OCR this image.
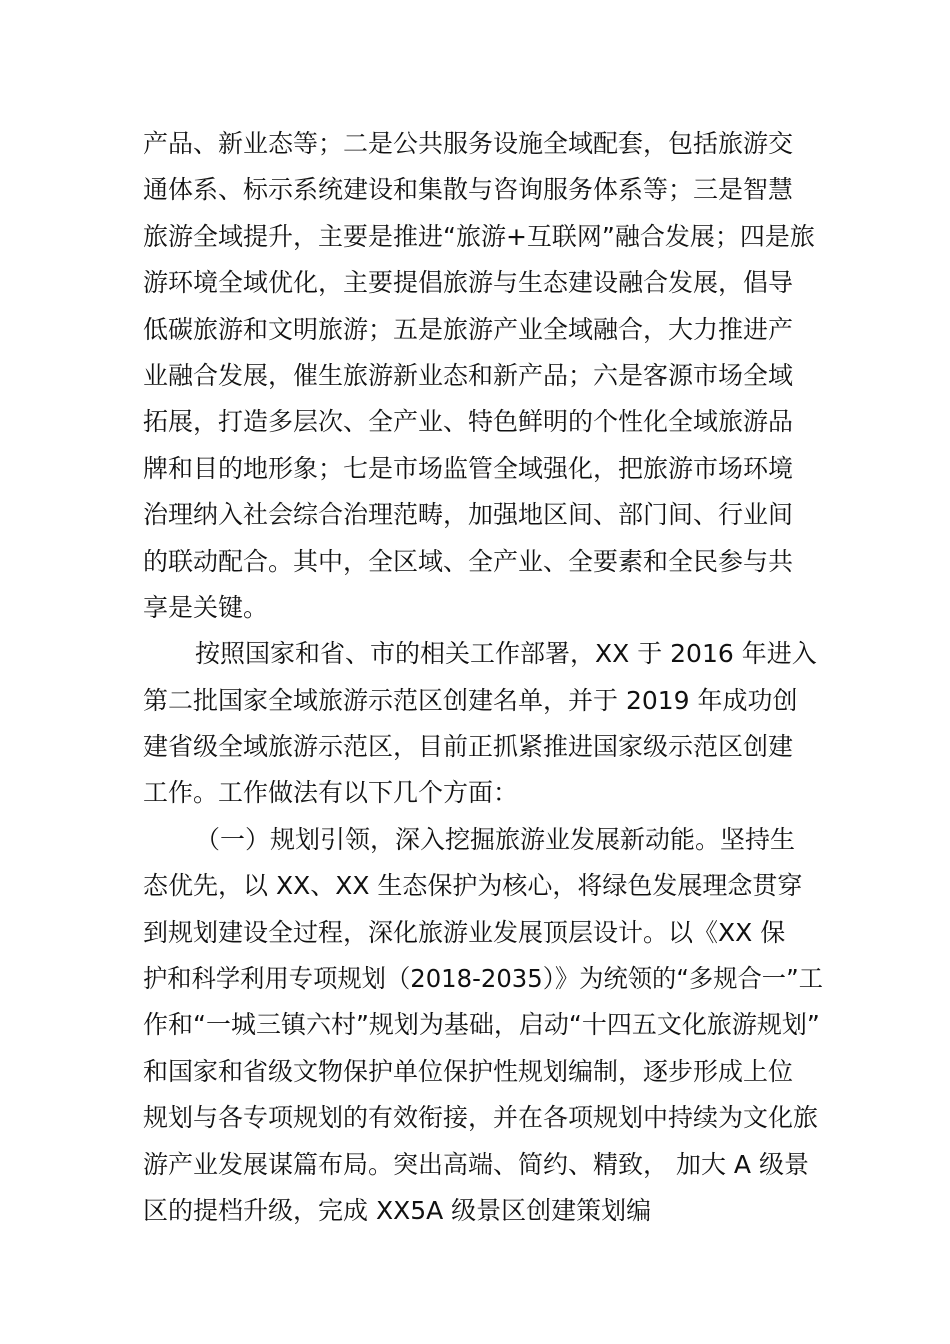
产品、新业态等；二是公共服务设施全域配套，包括旅游交
通体系、标示系统建设和集散与咨询服务体系等；三是智慧
旅游全域提升，主要是推进“旅游+互联网”融合发展；四是旅
游环境全域优化，主要提倡旅游与生态建设融合发展，倡导
低碳旅游和文明旅游；五是旅游产业全域融合，大力推进产
业融合发展，催生旅游新业态和新产品；六是客源市场全域
拓展，打造多层次、全产业、特色鲜明的个性化全域旅游品
牌和目的地形象；七是市场监管全域强化，把旅游市场环境
治理纳入社会综合治理范畴，加强地区间、部门间、行业间
的联动配合。其中，全区域、全产业、全要素和全民参与共
享是关键。
按照国家和省、市的相关工作部署，XX 于 2016 年进入
第二批国家全域旅游示范区创建名单，并于 2019 年成功创
建省级全域旅游示范区，目前正抓紧推进国家级示范区创建
工作。工作做法有以下几个方面：
（一）规划引领，深入挖掘旅游业发展新动能。坚持生
态优先，以 XX、XX 生态保护为核心，将绿色发展理念贯穿
到规划建设全过程，深化旅游业发展顶层设计。以《XX 保
护和科学利用专项规划（2018-2035）》为统领的“多规合一”工
作和“一城三镇六村”规划为基础，启动“十四五文化旅游规划”
和国家和省级文物保护单位保护性规划编制，逐步形成上位
规划与各专项规划的有效衔接，并在各项规划中持续为文化旅
游产业发展谋篇布局。突出高端、简约、精致， 加大 A 级景
区的提档升级，完成 XX5A 级景区创建策划编
